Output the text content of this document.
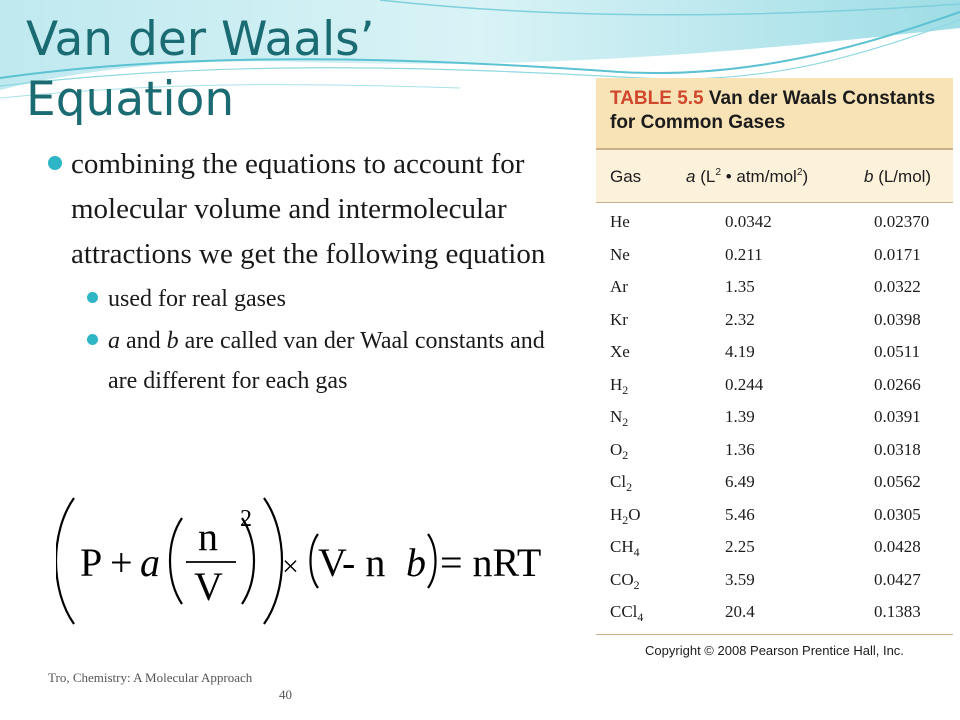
Van der Waals’
Equation
combining the equations to account for molecular volume and intermolecular attractions we get the following equation
used for real gases
a and b are called van der Waal constants and are different for each gas
P + a
n
V
2
× V
- n b = nRT
Tro, Chemistry: A Molecular Approach
40
TABLE 5.5 Van der Waals Constants for Common Gases
Gas	a ($L^2$ • atm/mol$^2$)	b (L/mol)
He	0.0342	0.02370
Ne	0.211	0.0171
Ar	1.35	0.0322
Kr	2.32	0.0398
Xe	4.19	0.0511
$H_2$	0.244	0.0266
$N_2$	1.39	0.0391
$O_2$	1.36	0.0318
$Cl_2$	6.49	0.0562
$H_2O$	5.46	0.0305
$CH_4$	2.25	0.0428
$CO_2$	3.59	0.0427
CCl$_4$	20.4	0.1383
Copyright © 2008 Pearson Prentice Hall, Inc.
